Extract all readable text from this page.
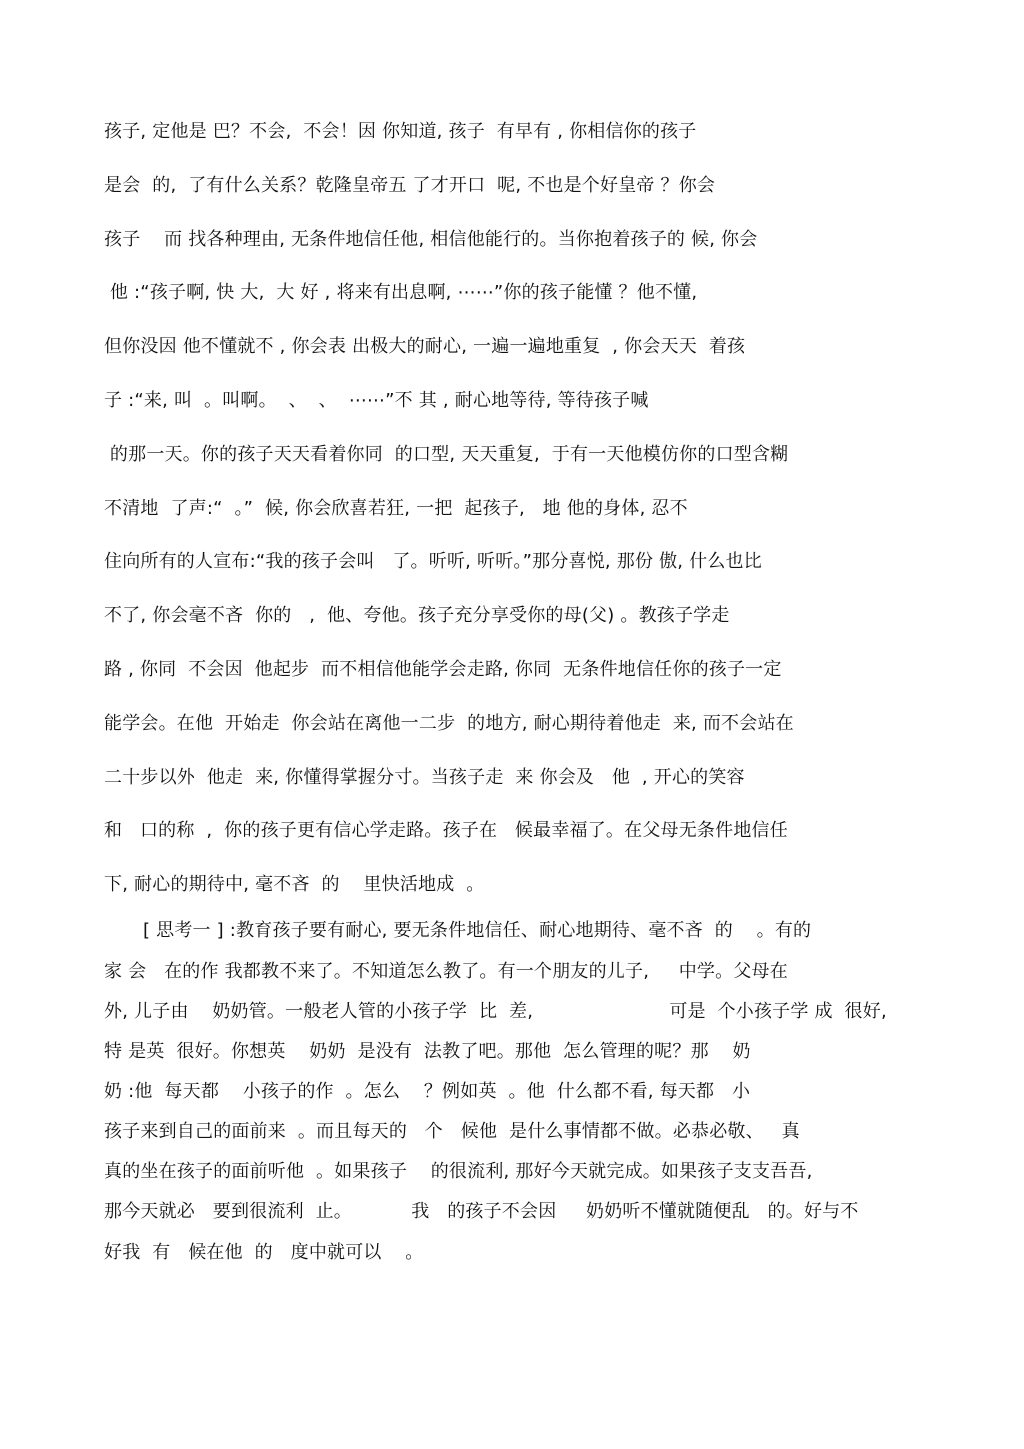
孩子, 定他是 巴？不会,  不会！因 你知道, 孩子  有早有 , 你相信你的孩子
是会  的,  了有什么关系？乾隆皇帝五 了才开口  呢, 不也是个好皇帝 ？你会
孩子    而 找各种理由, 无条件地信任他, 相信他能行的。当你抱着孩子的 候, 你会
他 :“孩子啊, 快 大,  大 好 , 将来有出息啊, ⋯⋯”你的孩子能懂 ？他不懂,
但你没因 他不懂就不 , 你会表 出极大的耐心, 一遍一遍地重复  , 你会天天  着孩
子 :“来, 叫  。叫啊。  、  、  ⋯⋯”不 其 , 耐心地等待, 等待孩子喊
的那一天。你的孩子天天看着你同  的口型, 天天重复,  于有一天他模仿你的口型含糊
不清地  了声:“  。”  候, 你会欣喜若狂, 一把  起孩子,   地 他的身体, 忍不
住向所有的人宣布:“我的孩子会叫   了。听听, 听听。”那分喜悦, 那份 傲, 什么也比
不了, 你会毫不吝  你的   ,  他、夸他。孩子充分享受你的母(父) 。教孩子学走
路 , 你同  不会因  他起步  而不相信他能学会走路, 你同  无条件地信任你的孩子一定
能学会。在他  开始走  你会站在离他一二步  的地方, 耐心期待着他走  来, 而不会站在
二十步以外  他走  来, 你懂得掌握分寸。当孩子走  来 你会及   他  , 开心的笑容
和   口的称  ,  你的孩子更有信心学走路。孩子在   候最幸福了。在父母无条件地信任
下, 耐心的期待中, 毫不吝  的    里快活地成  。
[ 思考一 ] :教育孩子要有耐心, 要无条件地信任、耐心地期待、毫不吝  的    。有的
家 会   在的作 我都教不来了。不知道怎么教了。有一个朋友的儿子,     中学。父母在
外, 儿子由    奶奶管。一般老人管的小孩子学  比  差,                       可是  个小孩子学 成  很好,
特 是英  很好。你想英    奶奶  是没有  法教了吧。那他  怎么管理的呢？那    奶
奶 :他  每天都    小孩子的作  。怎么    ？例如英  。他  什么都不看, 每天都   小
孩子来到自己的面前来  。而且每天的   个   候他  是什么事情都不做。必恭必敬、   真
真的坐在孩子的面前听他  。如果孩子    的很流利, 那好今天就完成。如果孩子支支吾吾,
那今天就必   要到很流利  止。          我   的孩子不会因     奶奶听不懂就随便乱   的。好与不
好我  有   候在他  的   度中就可以    。
